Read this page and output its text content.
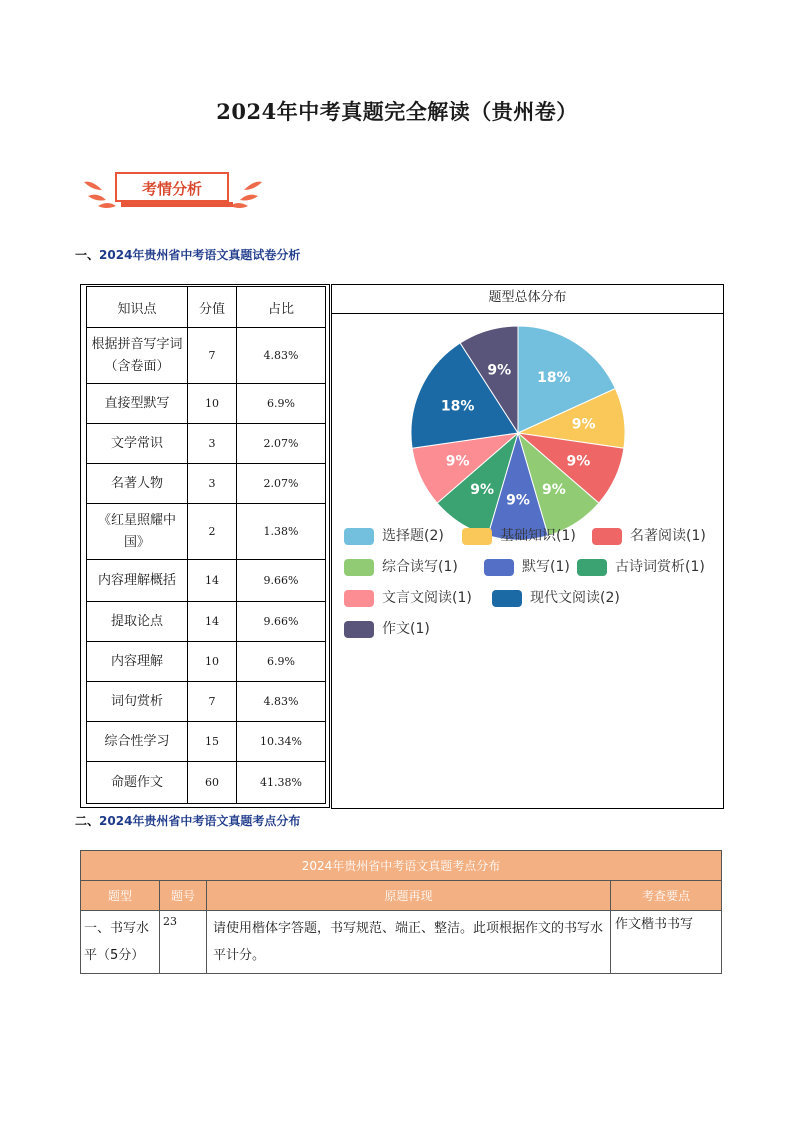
2024年中考真题完全解读（贵州卷）
考情分析
一、2024年贵州省中考语文真题试卷分析
知识点	分值	占比
根据拼音写字词（含卷面）	7	4.83%
直接型默写	10	6.9%
文学常识	3	2.07%
名著人物	3	2.07%
《红星照耀中国》	2	1.38%
内容理解概括	14	9.66%
提取论点	14	9.66%
内容理解	10	6.9%
词句赏析	7	4.83%
综合性学习	15	10.34%
命题作文	60	41.38%
题型总体分布
18%
9%
9%
9%
9%
9%
9%
18%
9%
选择题(2)	基础知识(1)	名著阅读(1)
综合读写(1)	默写(1)	古诗词赏析(1)
文言文阅读(1)	现代文阅读(2)
作文(1)
二、2024年贵州省中考语文真题考点分布
2024年贵州省中考语文真题考点分布			
题型	题号	原题再现	考查要点
一、书写水平（5分）	23	请使用楷体字答题，书写规范、端正、整洁。此项根据作文的书写水平计分。	作文楷书书写
